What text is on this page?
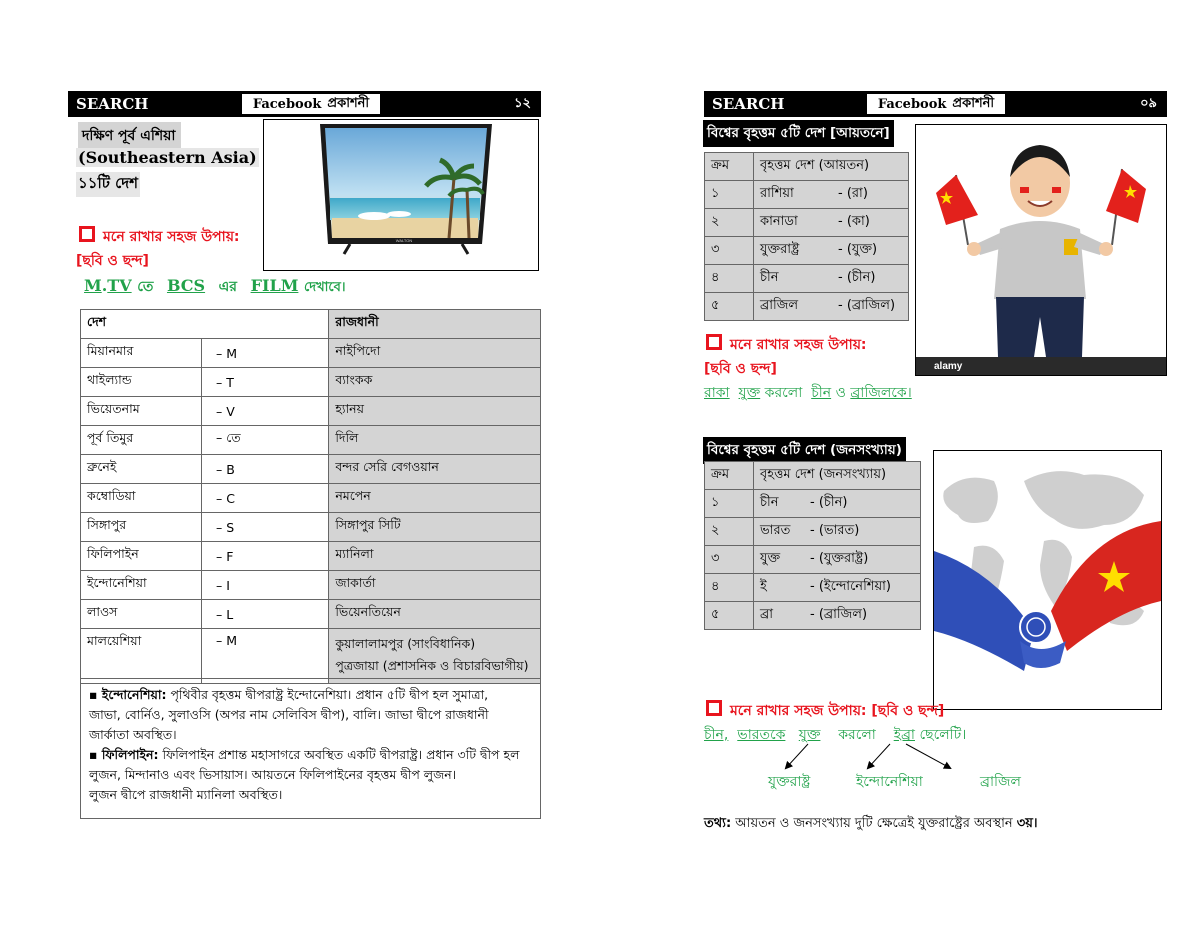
SEARCH	Facebook প্রকাশনী	১২
দক্ষিণ পূর্ব এশিয়া
(Southeastern Asia)
১১টি দেশ
WALTON
মনে রাখার সহজ উপায়:
[ছবি ও ছন্দ]
M.TV তে BCS এর FILM দেখাবে।
দেশ		রাজধানী
মিয়ানমার	– M	নাইপিদো
থাইল্যান্ড	– T	ব্যাংকক
ভিয়েতনাম	– V	হ্যানয়
পূর্ব তিমুর	– তে	দিলি
ব্রুনেই	– B	বন্দর সেরি বেগওয়ান
কম্বোডিয়া	– C	নমপেন
সিঙ্গাপুর	– S	সিঙ্গাপুর সিটি
ফিলিপাইন	– F	ম্যানিলা
ইন্দোনেশিয়া	– I	জাকার্তা
লাওস	– L	ভিয়েনতিয়েন
মালয়েশিয়া	– M	কুয়ালালামপুর (সাংবিধানিক)
পুত্রজায়া (প্রশাসনিক ও বিচারবিভাগীয়)
▪ ইন্দোনেশিয়া: পৃথিবীর বৃহত্তম দ্বীপরাষ্ট্র ইন্দোনেশিয়া। প্রধান ৫টি দ্বীপ হল সুমাত্রা,
জাভা, বোর্নিও, সুলাওসি (অপর নাম সেলিবিস দ্বীপ), বালি। জাভা দ্বীপে রাজধানী
জার্কাতা অবস্থিত।
▪ ফিলিপাইন: ফিলিপাইন প্রশান্ত মহাসাগরে অবস্থিত একটি দ্বীপরাষ্ট্র। প্রধান ৩টি দ্বীপ হল
লুজন, মিন্দানাও এবং ভিসায়াস। আয়তনে ফিলিপাইনের বৃহত্তম দ্বীপ লুজন।
লুজন দ্বীপে রাজধানী ম্যানিলা অবস্থিত।
SEARCH	Facebook প্রকাশনী	০৯
বিশ্বের বৃহত্তম ৫টি দেশ [আয়তনে]
ক্রম	বৃহত্তম দেশ (আয়তন)
১	রাশিয়া - (রা)
২	কানাডা - (কা)
৩	যুক্তরাষ্ট্র - (যুক্ত)
৪	চীন - (চীন)
৫	ব্রাজিল - (ব্রাজিল)
alamy
মনে রাখার সহজ উপায়:
[ছবি ও ছন্দ]
রাকা যুক্ত করলো চীন ও ব্রাজিলকে।
বিশ্বের বৃহত্তম ৫টি দেশ (জনসংখ্যায়)
ক্রম	বৃহত্তম দেশ (জনসংখ্যায়)
১	চীন - (চীন)
২	ভারত - (ভারত)
৩	যুক্ত - (যুক্তরাষ্ট্র)
৪	ই - (ইন্দোনেশিয়া)
৫	ব্রা - (ব্রাজিল)
মনে রাখার সহজ উপায়: [ছবি ও ছন্দ]
চীন, ভারতকে যুক্ত করলো ইব্রা ছেলেটি।
যুক্তরাষ্ট্র	ইন্দোনেশিয়া	ব্রাজিল
তথ্য: আয়তন ও জনসংখ্যায় দুটি ক্ষেত্রেই যুক্তরাষ্ট্রের অবস্থান ৩য়।
